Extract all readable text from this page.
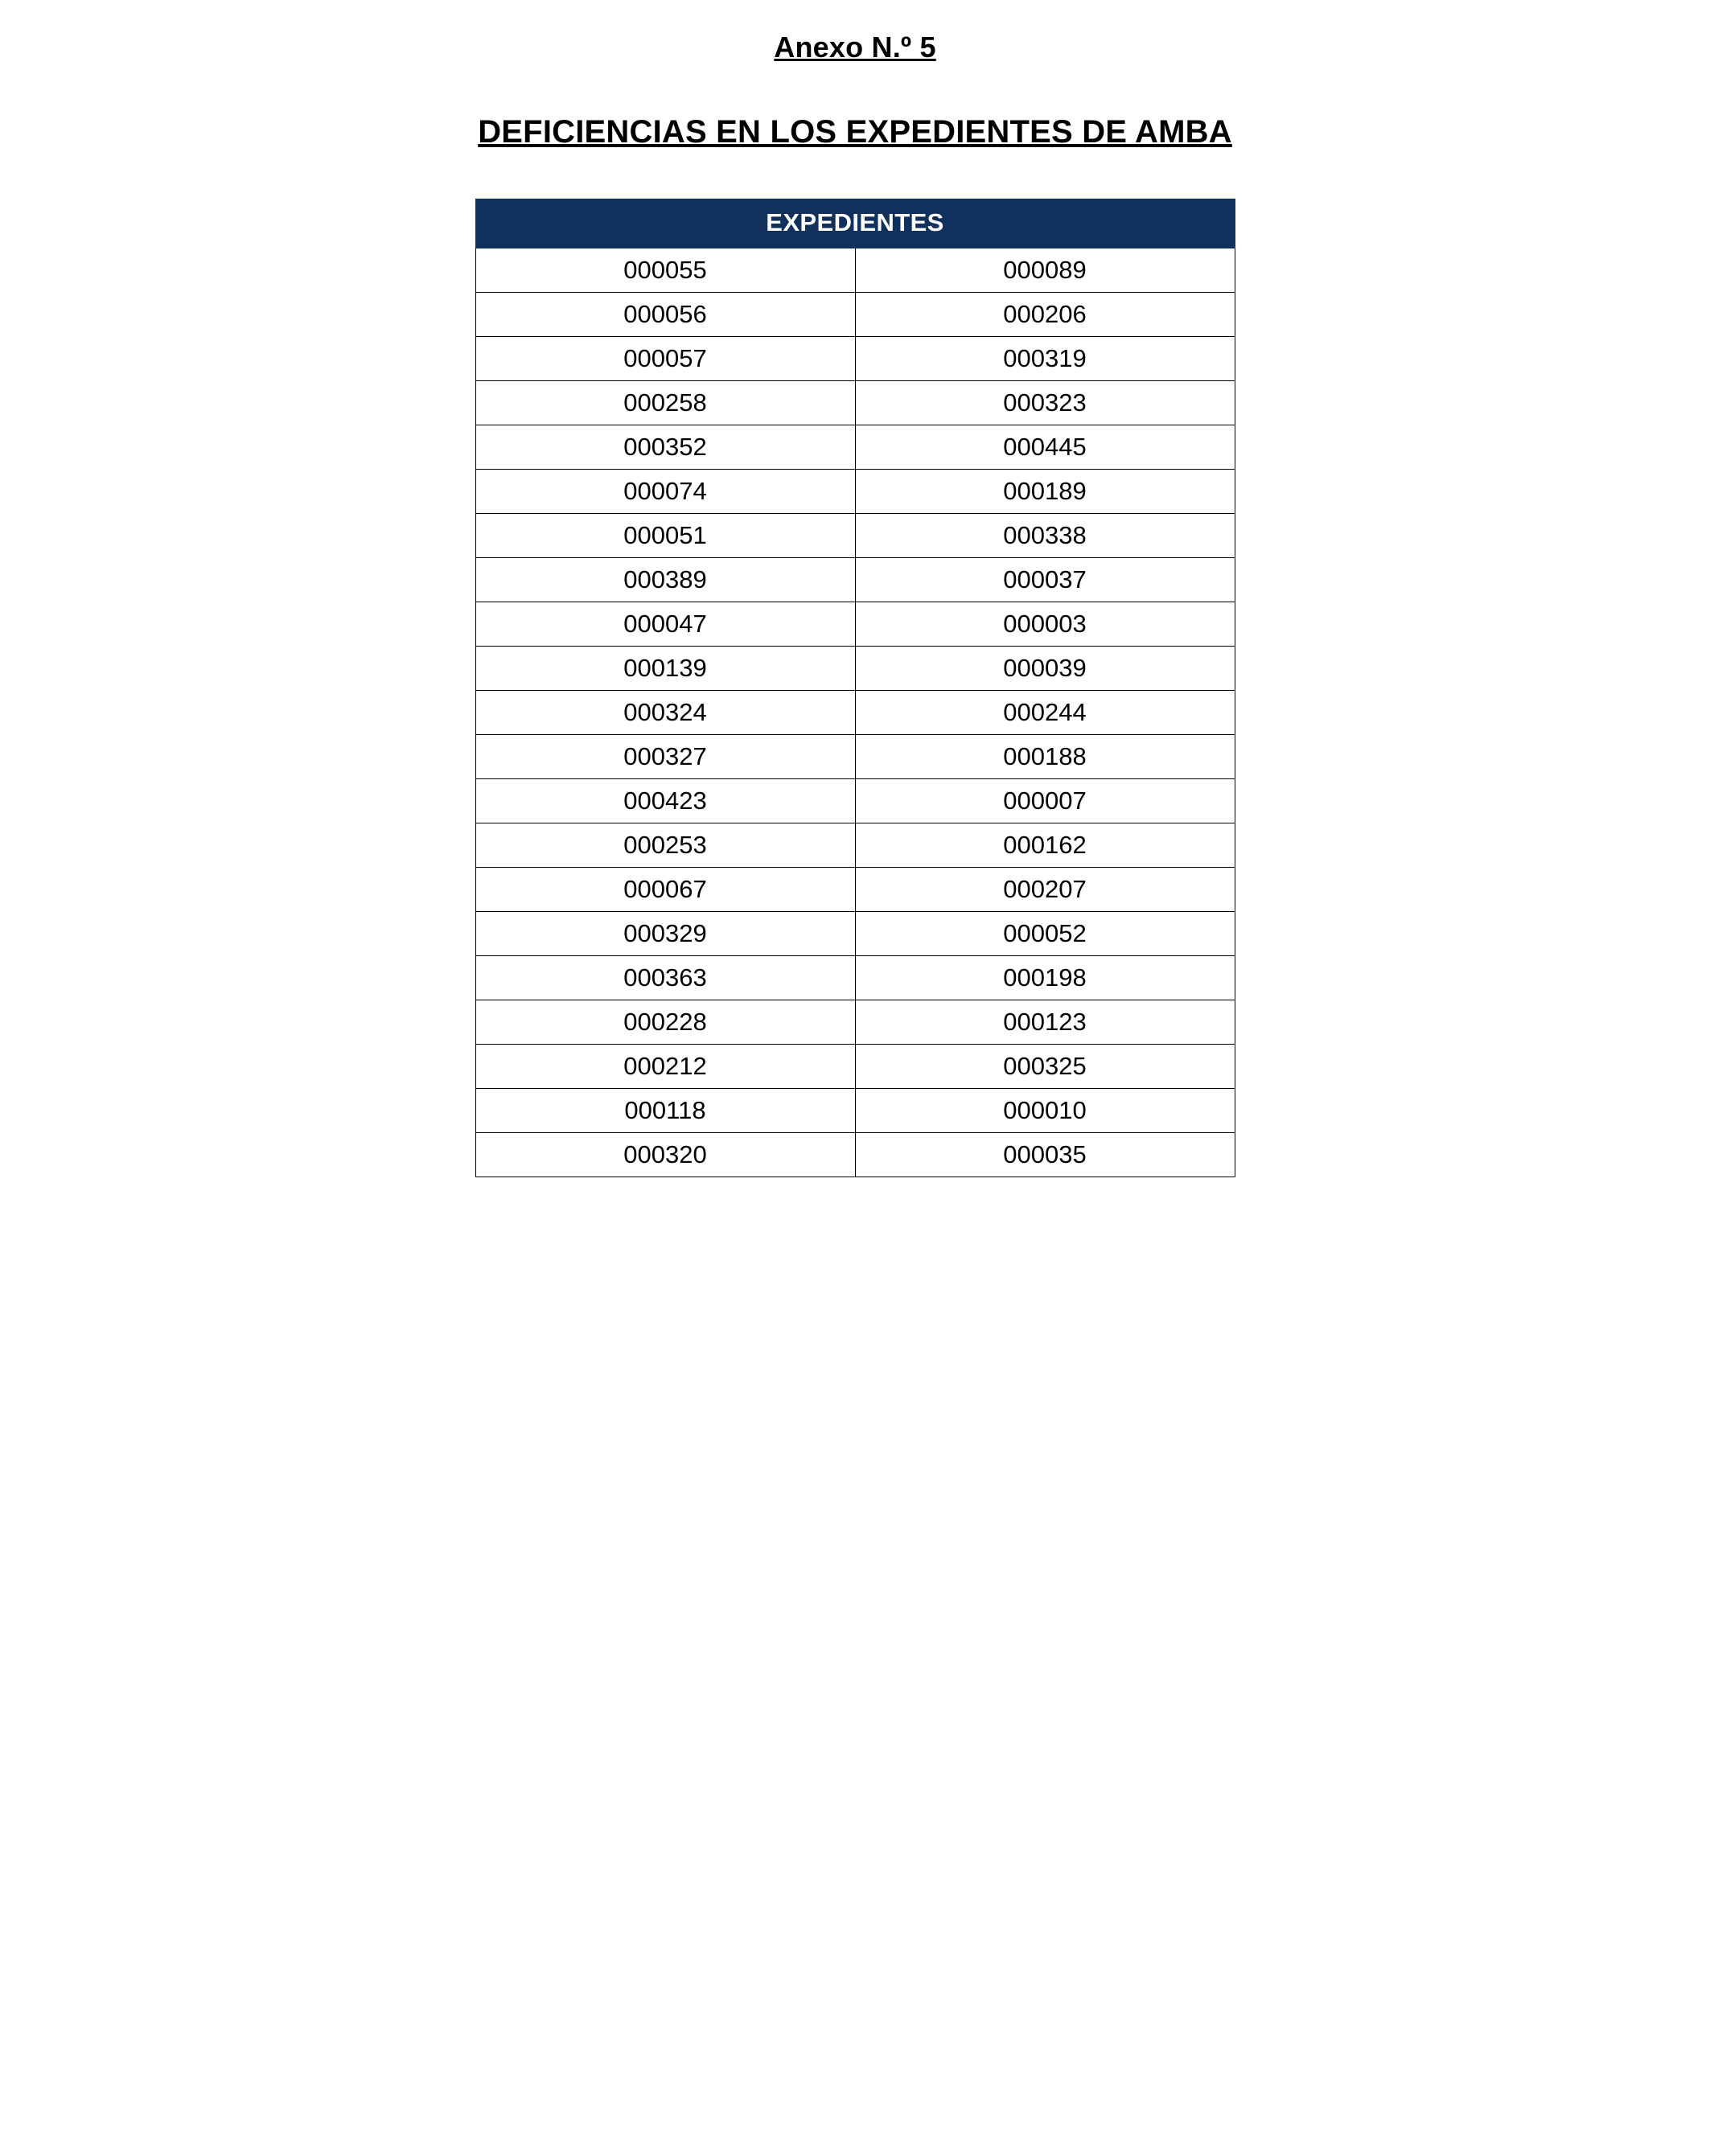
Anexo N.º 5
DEFICIENCIAS EN LOS EXPEDIENTES DE AMBA
EXPEDIENTES	
000055	000089
000056	000206
000057	000319
000258	000323
000352	000445
000074	000189
000051	000338
000389	000037
000047	000003
000139	000039
000324	000244
000327	000188
000423	000007
000253	000162
000067	000207
000329	000052
000363	000198
000228	000123
000212	000325
000118	000010
000320	000035
